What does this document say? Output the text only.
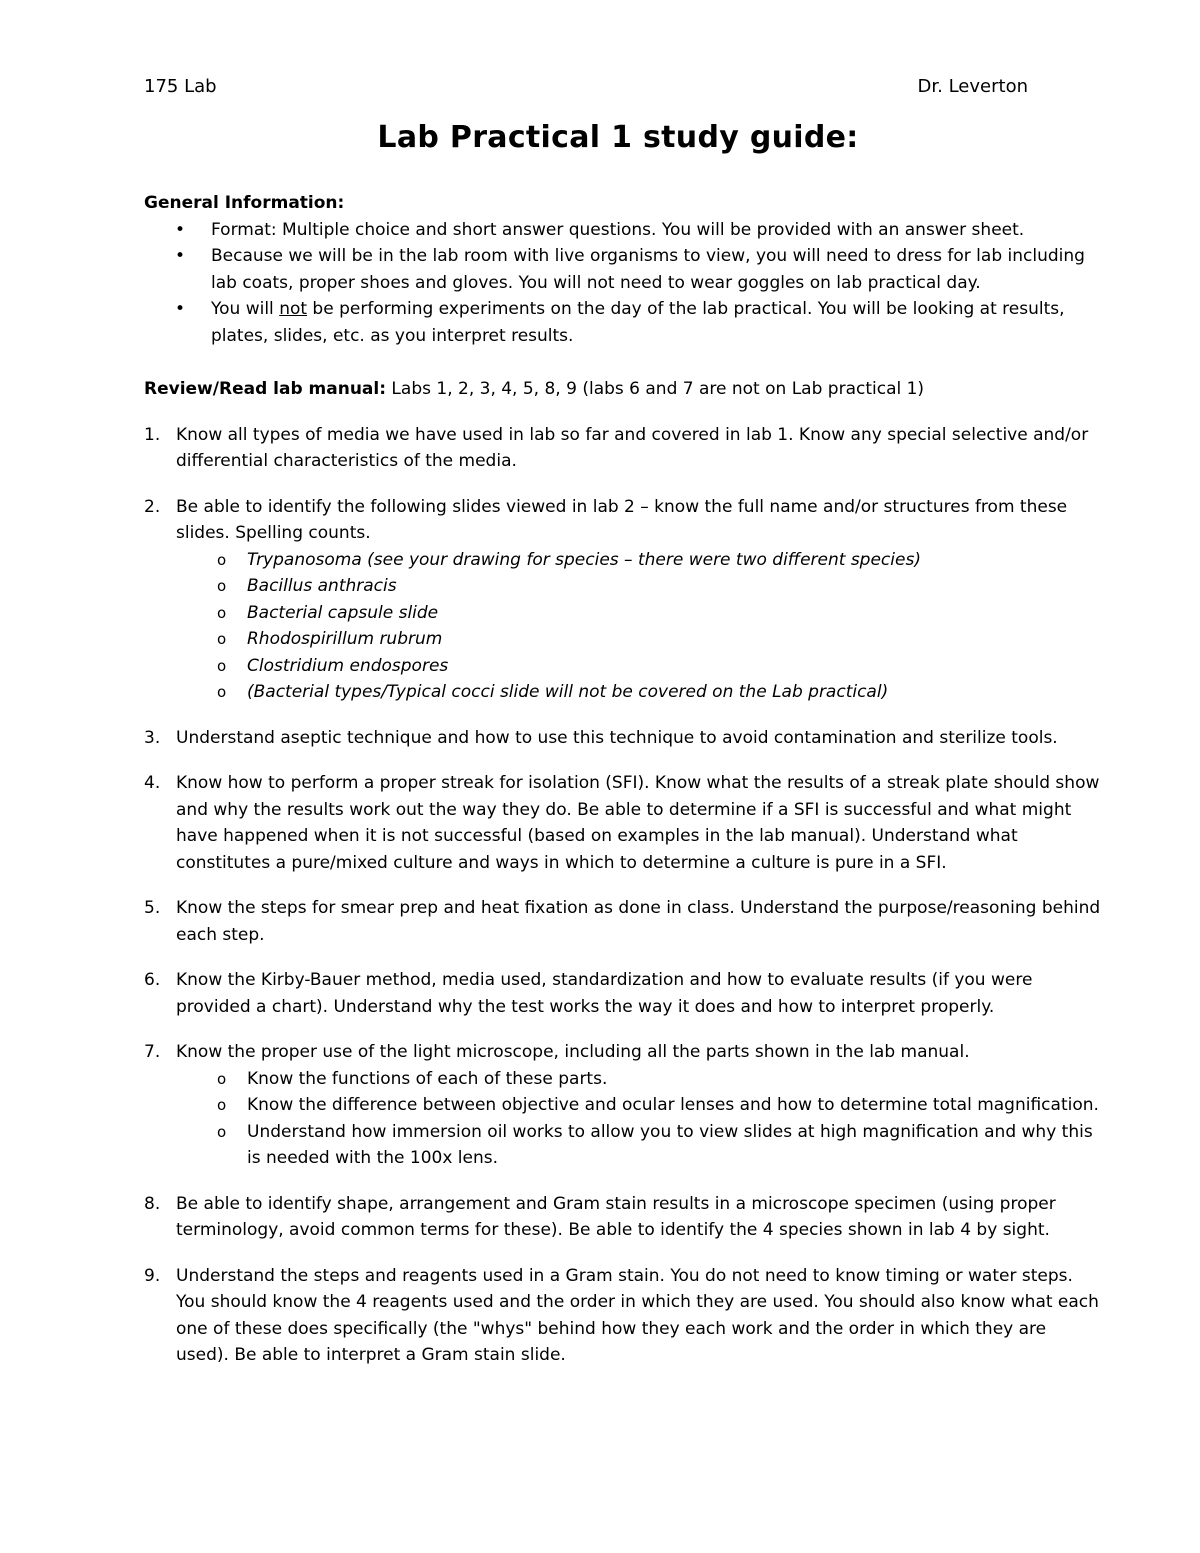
175 Lab	Dr. Leverton
Lab Practical 1 study guide:
General Information:
• Format: Multiple choice and short answer questions. You will be provided with an answer sheet.
• Because we will be in the lab room with live organisms to view, you will need to dress for lab including lab coats, proper shoes and gloves. You will not need to wear goggles on lab practical day.
• You will not be performing experiments on the day of the lab practical. You will be looking at results, plates, slides, etc. as you interpret results.
Review/Read lab manual: Labs 1, 2, 3, 4, 5, 8, 9 (labs 6 and 7 are not on Lab practical 1)
1. Know all types of media we have used in lab so far and covered in lab 1. Know any special selective and/or differential characteristics of the media.
2. Be able to identify the following slides viewed in lab 2 – know the full name and/or structures from these slides. Spelling counts.
o Trypanosoma (see your drawing for species – there were two different species)
o Bacillus anthracis
o Bacterial capsule slide
o Rhodospirillum rubrum
o Clostridium endospores
o (Bacterial types/Typical cocci slide will not be covered on the Lab practical)
3. Understand aseptic technique and how to use this technique to avoid contamination and sterilize tools.
4. Know how to perform a proper streak for isolation (SFI). Know what the results of a streak plate should show and why the results work out the way they do. Be able to determine if a SFI is successful and what might have happened when it is not successful (based on examples in the lab manual). Understand what constitutes a pure/mixed culture and ways in which to determine a culture is pure in a SFI.
5. Know the steps for smear prep and heat fixation as done in class. Understand the purpose/reasoning behind each step.
6. Know the Kirby-Bauer method, media used, standardization and how to evaluate results (if you were provided a chart). Understand why the test works the way it does and how to interpret properly.
7. Know the proper use of the light microscope, including all the parts shown in the lab manual.
o Know the functions of each of these parts.
o Know the difference between objective and ocular lenses and how to determine total magnification.
o Understand how immersion oil works to allow you to view slides at high magnification and why this is needed with the 100x lens.
8. Be able to identify shape, arrangement and Gram stain results in a microscope specimen (using proper terminology, avoid common terms for these). Be able to identify the 4 species shown in lab 4 by sight.
9. Understand the steps and reagents used in a Gram stain. You do not need to know timing or water steps. You should know the 4 reagents used and the order in which they are used. You should also know what each one of these does specifically (the "whys" behind how they each work and the order in which they are used). Be able to interpret a Gram stain slide.
